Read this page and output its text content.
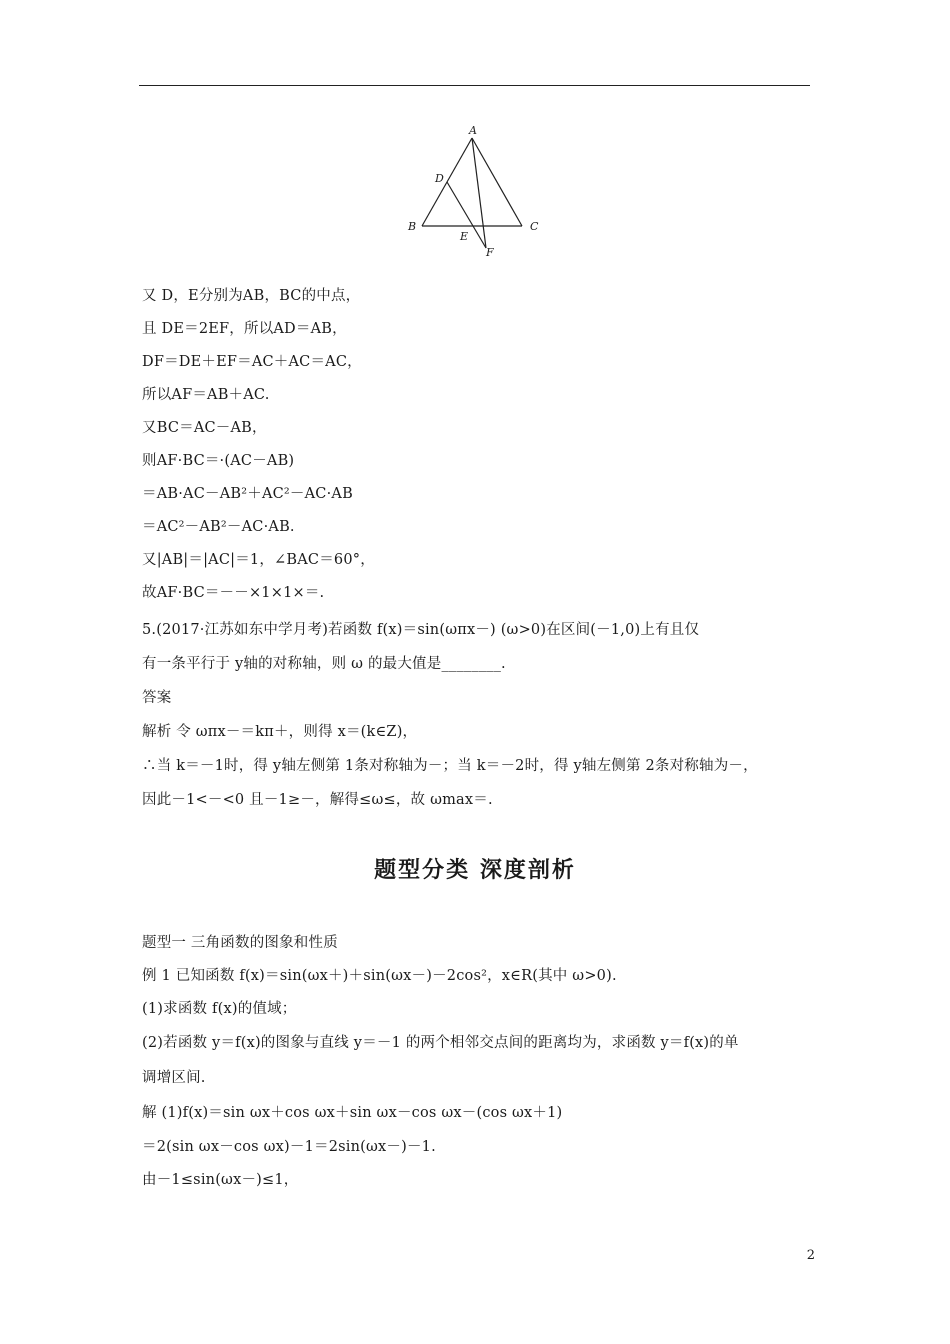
A
B	C
D
E
F
又 D，E分别为AB，BC的中点，
且 DE＝2EF，所以AD＝AB，
DF＝DE＋EF＝AC＋AC＝AC，
所以AF＝AB＋AC.
又BC＝AC－AB，
则AF·BC＝·(AC－AB)
＝AB·AC－AB²＋AC²－AC·AB
＝AC²－AB²－AC·AB.
又|AB|＝|AC|＝1，∠BAC＝60°，
故AF·BC＝－－×1×1×＝.
5.(2017·江苏如东中学月考)若函数 f(x)＝sin(ωπx－) (ω>0)在区间(－1,0)上有且仅
有一条平行于 y轴的对称轴，则 ω 的最大值是________.
答案
解析 令 ωπx－＝kπ＋，则得 x＝(k∈Z)，
∴当 k＝－1时，得 y轴左侧第 1条对称轴为－；当 k＝－2时，得 y轴左侧第 2条对称轴为－，
因此－1<－<0 且－1≥－，解得≤ω≤，故 ωmax＝.
题型分类 深度剖析
题型一 三角函数的图象和性质
例 1 已知函数 f(x)＝sin(ωx＋)＋sin(ωx－)－2cos²，x∈R(其中 ω>0).
(1)求函数 f(x)的值域；
(2)若函数 y＝f(x)的图象与直线 y＝－1 的两个相邻交点间的距离均为，求函数 y＝f(x)的单
调增区间.
解 (1)f(x)＝sin ωx＋cos ωx＋sin ωx－cos ωx－(cos ωx＋1)
＝2(sin ωx－cos ωx)－1＝2sin(ωx－)－1.
由－1≤sin(ωx－)≤1，
2
